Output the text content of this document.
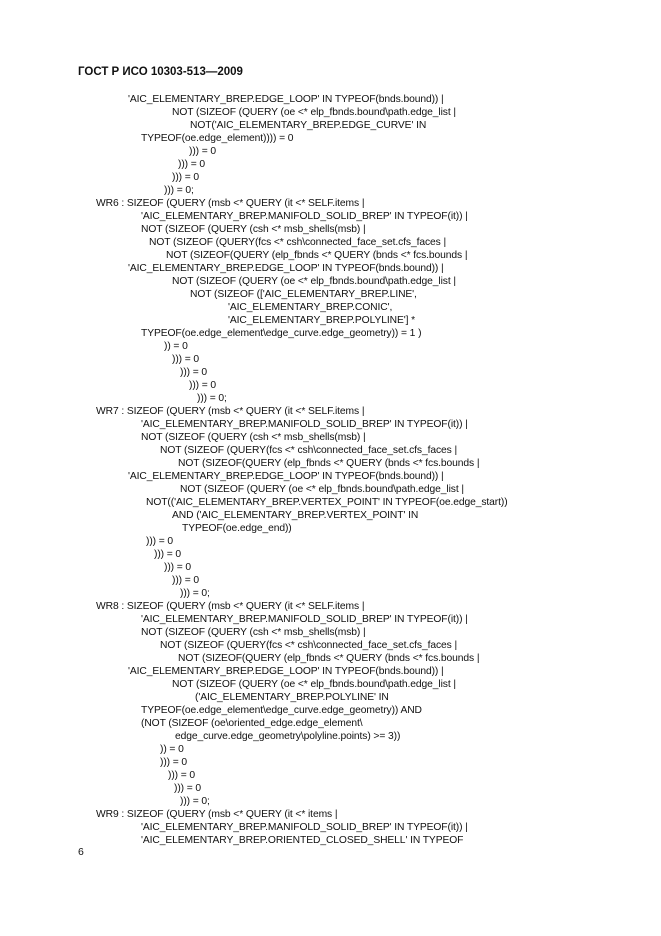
ГОСТ Р ИСО 10303-513—2009
'AIC_ELEMENTARY_BREP.EDGE_LOOP' IN TYPEOF(bnds.bound)) |
NOT (SIZEOF (QUERY (oe <* elp_fbnds.bound\path.edge_list |
NOT('AIC_ELEMENTARY_BREP.EDGE_CURVE' IN
TYPEOF(oe.edge_element)))) = 0
))) = 0
))) = 0
))) = 0
))) = 0;
WR6 : SIZEOF (QUERY (msb <* QUERY (it <* SELF.items |
'AIC_ELEMENTARY_BREP.MANIFOLD_SOLID_BREP' IN TYPEOF(it)) |
NOT (SIZEOF (QUERY (csh <* msb_shells(msb) |
NOT (SIZEOF (QUERY(fcs <* csh\connected_face_set.cfs_faces |
NOT (SIZEOF(QUERY (elp_fbnds <* QUERY (bnds <* fcs.bounds |
'AIC_ELEMENTARY_BREP.EDGE_LOOP' IN TYPEOF(bnds.bound)) |
NOT (SIZEOF (QUERY (oe <* elp_fbnds.bound\path.edge_list |
NOT (SIZEOF (['AIC_ELEMENTARY_BREP.LINE',
'AIC_ELEMENTARY_BREP.CONIC',
'AIC_ELEMENTARY_BREP.POLYLINE'] *
TYPEOF(oe.edge_element\edge_curve.edge_geometry)) = 1 )
)) = 0
))) = 0
))) = 0
))) = 0
))) = 0;
WR7 : SIZEOF (QUERY (msb <* QUERY (it <* SELF.items |
'AIC_ELEMENTARY_BREP.MANIFOLD_SOLID_BREP' IN TYPEOF(it)) |
NOT (SIZEOF (QUERY (csh <* msb_shells(msb) |
NOT (SIZEOF (QUERY(fcs <* csh\connected_face_set.cfs_faces |
NOT (SIZEOF(QUERY (elp_fbnds <* QUERY (bnds <* fcs.bounds |
'AIC_ELEMENTARY_BREP.EDGE_LOOP' IN TYPEOF(bnds.bound)) |
NOT (SIZEOF (QUERY (oe <* elp_fbnds.bound\path.edge_list |
NOT(('AIC_ELEMENTARY_BREP.VERTEX_POINT' IN TYPEOF(oe.edge_start))
AND ('AIC_ELEMENTARY_BREP.VERTEX_POINT' IN
TYPEOF(oe.edge_end))
))) = 0
))) = 0
))) = 0
))) = 0
))) = 0;
WR8 : SIZEOF (QUERY (msb <* QUERY (it <* SELF.items |
'AIC_ELEMENTARY_BREP.MANIFOLD_SOLID_BREP' IN TYPEOF(it)) |
NOT (SIZEOF (QUERY (csh <* msb_shells(msb) |
NOT (SIZEOF (QUERY(fcs <* csh\connected_face_set.cfs_faces |
NOT (SIZEOF(QUERY (elp_fbnds <* QUERY (bnds <* fcs.bounds |
'AIC_ELEMENTARY_BREP.EDGE_LOOP' IN TYPEOF(bnds.bound)) |
NOT (SIZEOF (QUERY (oe <* elp_fbnds.bound\path.edge_list |
('AIC_ELEMENTARY_BREP.POLYLINE' IN
TYPEOF(oe.edge_element\edge_curve.edge_geometry)) AND
(NOT (SIZEOF (oe\oriented_edge.edge_element\
edge_curve.edge_geometry\polyline.points) >= 3))
)) = 0
))) = 0
))) = 0
))) = 0
))) = 0;
WR9 : SIZEOF (QUERY (msb <* QUERY (it <* items |
'AIC_ELEMENTARY_BREP.MANIFOLD_SOLID_BREP' IN TYPEOF(it)) |
'AIC_ELEMENTARY_BREP.ORIENTED_CLOSED_SHELL' IN TYPEOF
6
